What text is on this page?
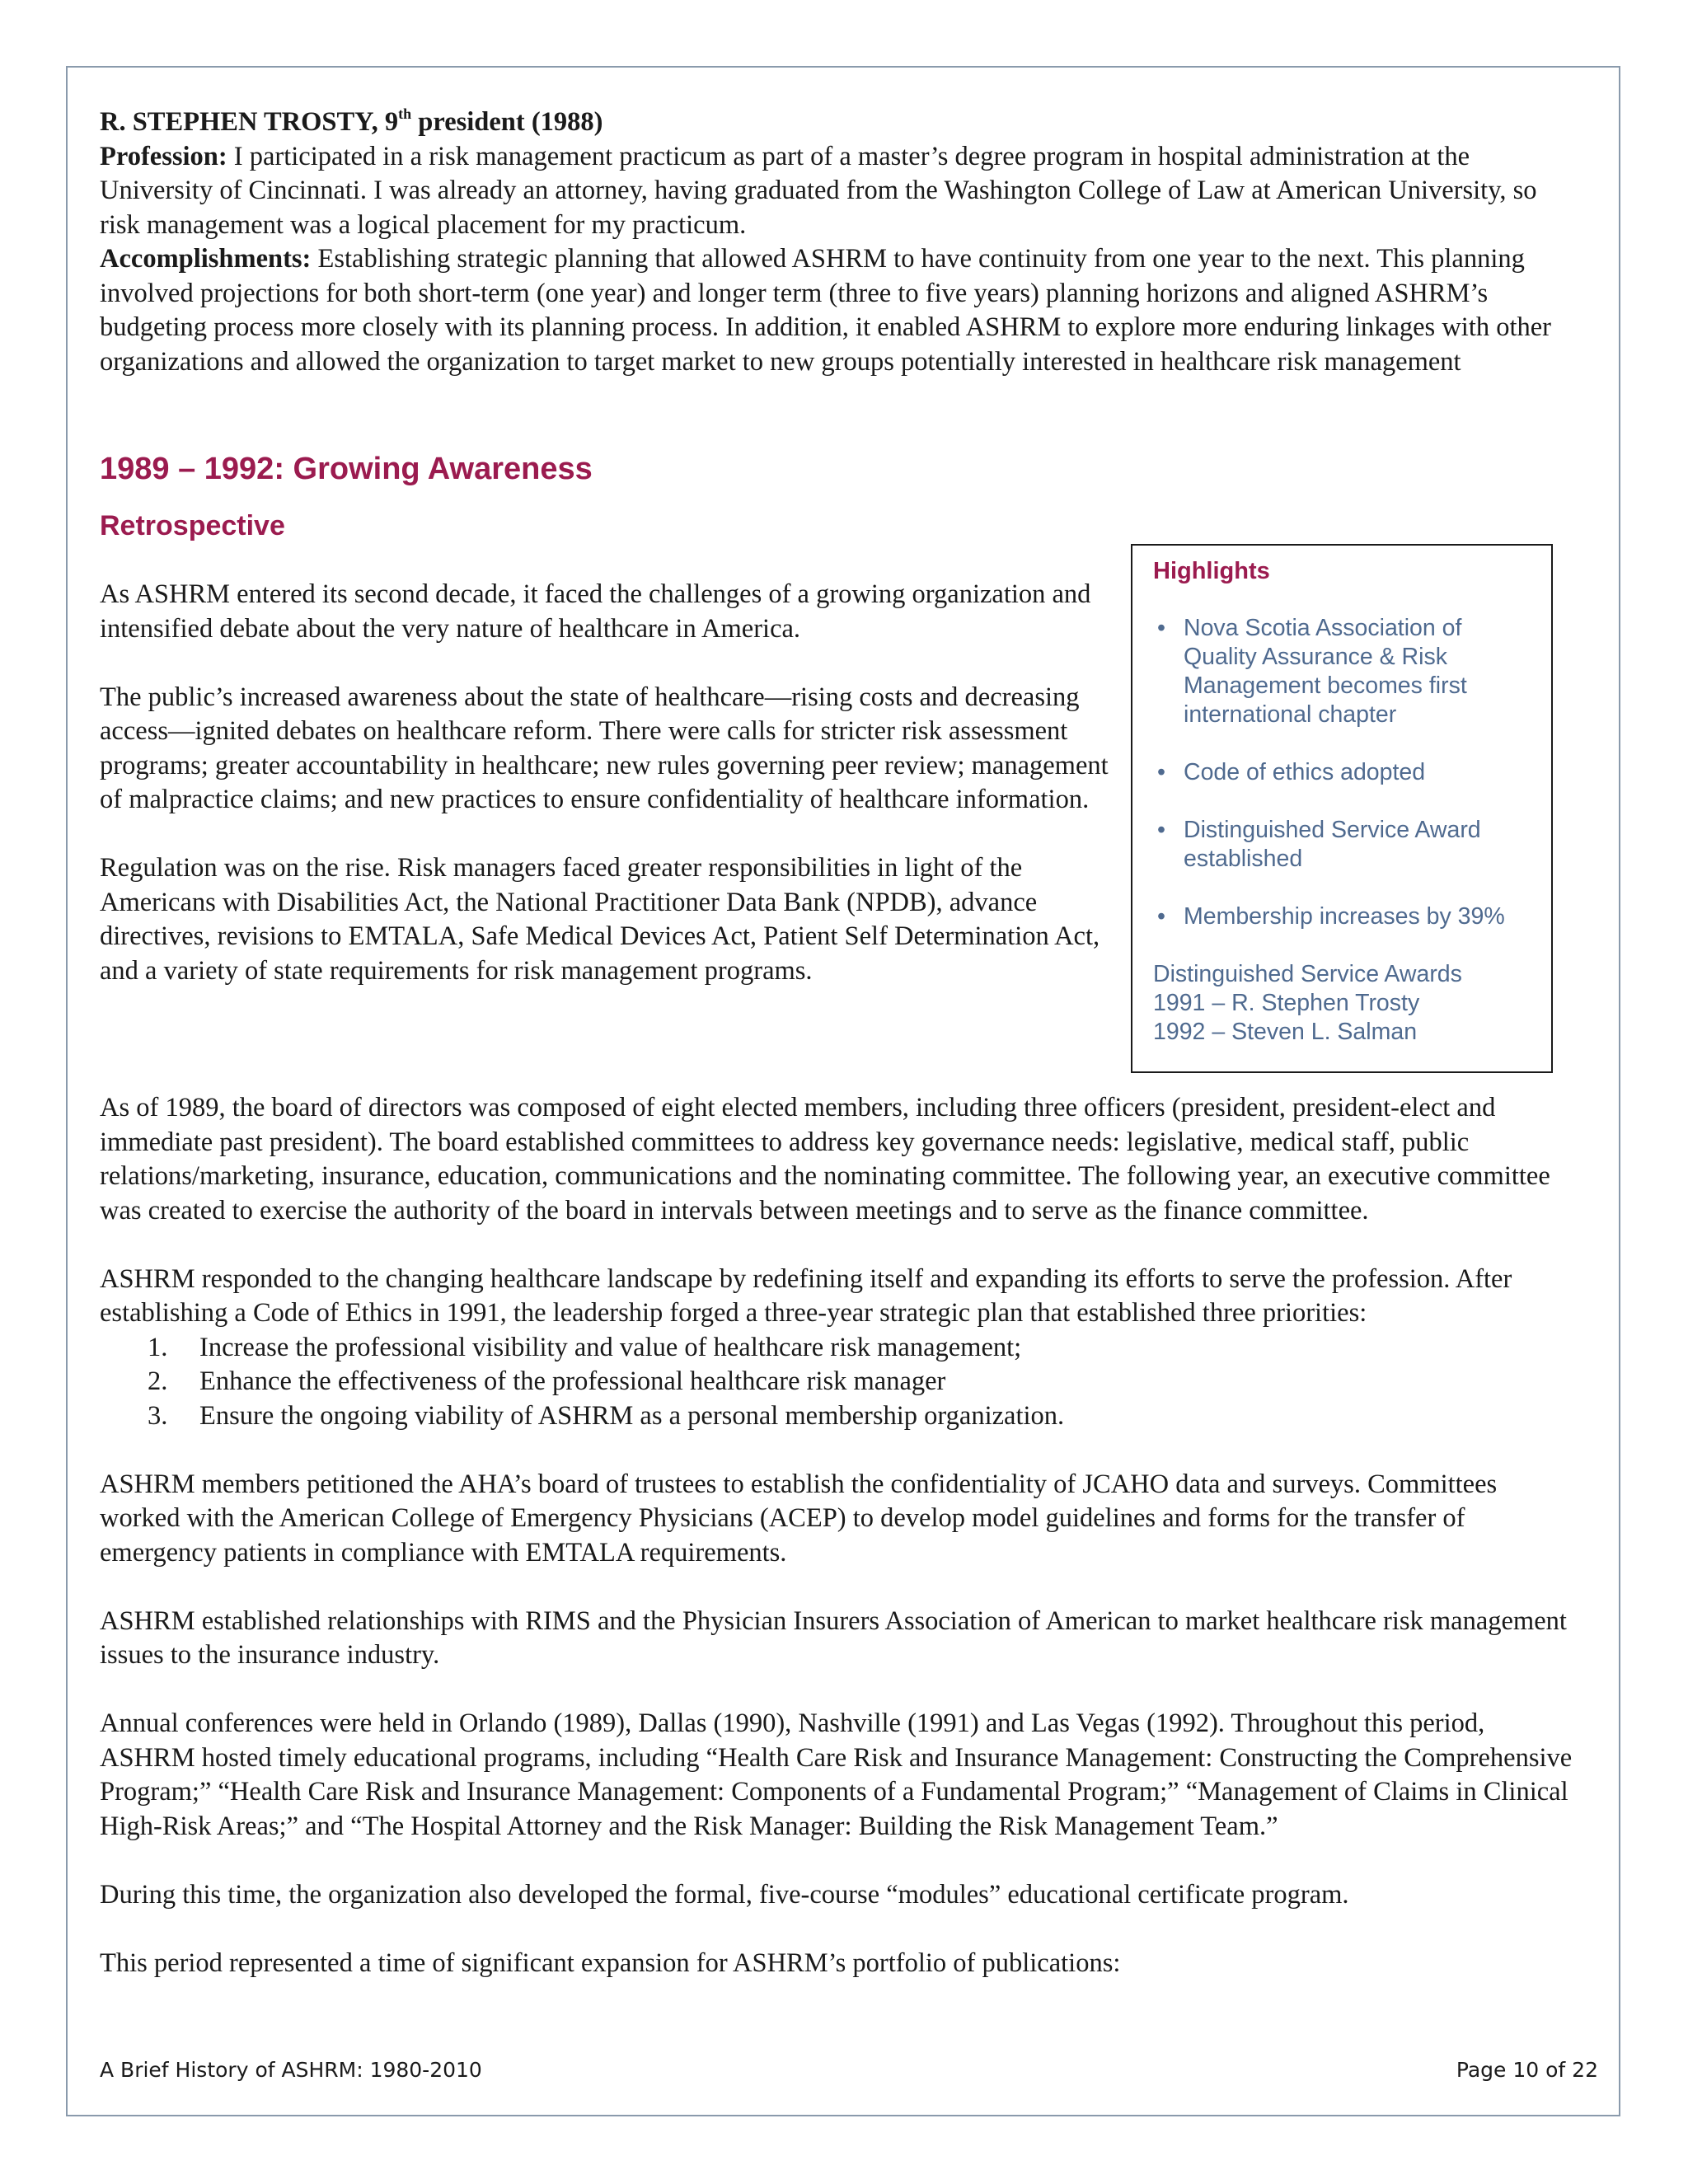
R. STEPHEN TROSTY, 9th president (1988)

Profession: I participated in a risk management practicum as part of a master’s degree program in hospital administration at the University of Cincinnati. I was already an attorney, having graduated from the Washington College of Law at American University, so risk management was a logical placement for my practicum.

Accomplishments: Establishing strategic planning that allowed ASHRM to have continuity from one year to the next. This planning involved projections for both short-term (one year) and longer term (three to five years) planning horizons and aligned ASHRM’s budgeting process more closely with its planning process. In addition, it enabled ASHRM to explore more enduring linkages with other organizations and allowed the organization to target market to new groups potentially interested in healthcare risk management

1989 – 1992: Growing Awareness
Retrospective

As ASHRM entered its second decade, it faced the challenges of a growing organization and intensified debate about the very nature of healthcare in America.

The public’s increased awareness about the state of healthcare—rising costs and decreasing access—ignited debates on healthcare reform. There were calls for stricter risk assessment programs; greater accountability in healthcare; new rules governing peer review; management of malpractice claims; and new practices to ensure confidentiality of healthcare information.

Regulation was on the rise. Risk managers faced greater responsibilities in light of the Americans with Disabilities Act, the National Practitioner Data Bank (NPDB), advance directives, revisions to EMTALA, Safe Medical Devices Act, Patient Self Determination Act, and a variety of state requirements for risk management programs.

Highlights

• Nova Scotia Association of Quality Assurance & Risk Management becomes first international chapter
• Code of ethics adopted
• Distinguished Service Award established
• Membership increases by 39%

Distinguished Service Awards

1991 – R. Stephen Trosty

1992 – Steven L. Salman

As of 1989, the board of directors was composed of eight elected members, including three officers (president, president-elect and immediate past president). The board established committees to address key governance needs: legislative, medical staff, public relations/marketing, insurance, education, communications and the nominating committee. The following year, an executive committee was created to exercise the authority of the board in intervals between meetings and to serve as the finance committee.

ASHRM responded to the changing healthcare landscape by redefining itself and expanding its efforts to serve the profession. After establishing a Code of Ethics in 1991, the leadership forged a three-year strategic plan that established three priorities:

1. Increase the professional visibility and value of healthcare risk management;
2. Enhance the effectiveness of the professional healthcare risk manager
3. Ensure the ongoing viability of ASHRM as a personal membership organization.

ASHRM members petitioned the AHA’s board of trustees to establish the confidentiality of JCAHO data and surveys. Committees worked with the American College of Emergency Physicians (ACEP) to develop model guidelines and forms for the transfer of emergency patients in compliance with EMTALA requirements.

ASHRM established relationships with RIMS and the Physician Insurers Association of American to market healthcare risk management issues to the insurance industry.

Annual conferences were held in Orlando (1989), Dallas (1990), Nashville (1991) and Las Vegas (1992). Throughout this period, ASHRM hosted timely educational programs, including “Health Care Risk and Insurance Management: Constructing the Comprehensive Program;” “Health Care Risk and Insurance Management: Components of a Fundamental Program;” “Management of Claims in Clinical High-Risk Areas;” and “The Hospital Attorney and the Risk Manager: Building the Risk Management Team.”

During this time, the organization also developed the formal, five-course “modules” educational certificate program.

This period represented a time of significant expansion for ASHRM’s portfolio of publications:

A Brief History of ASHRM: 1980-2010	Page 10 of 22
